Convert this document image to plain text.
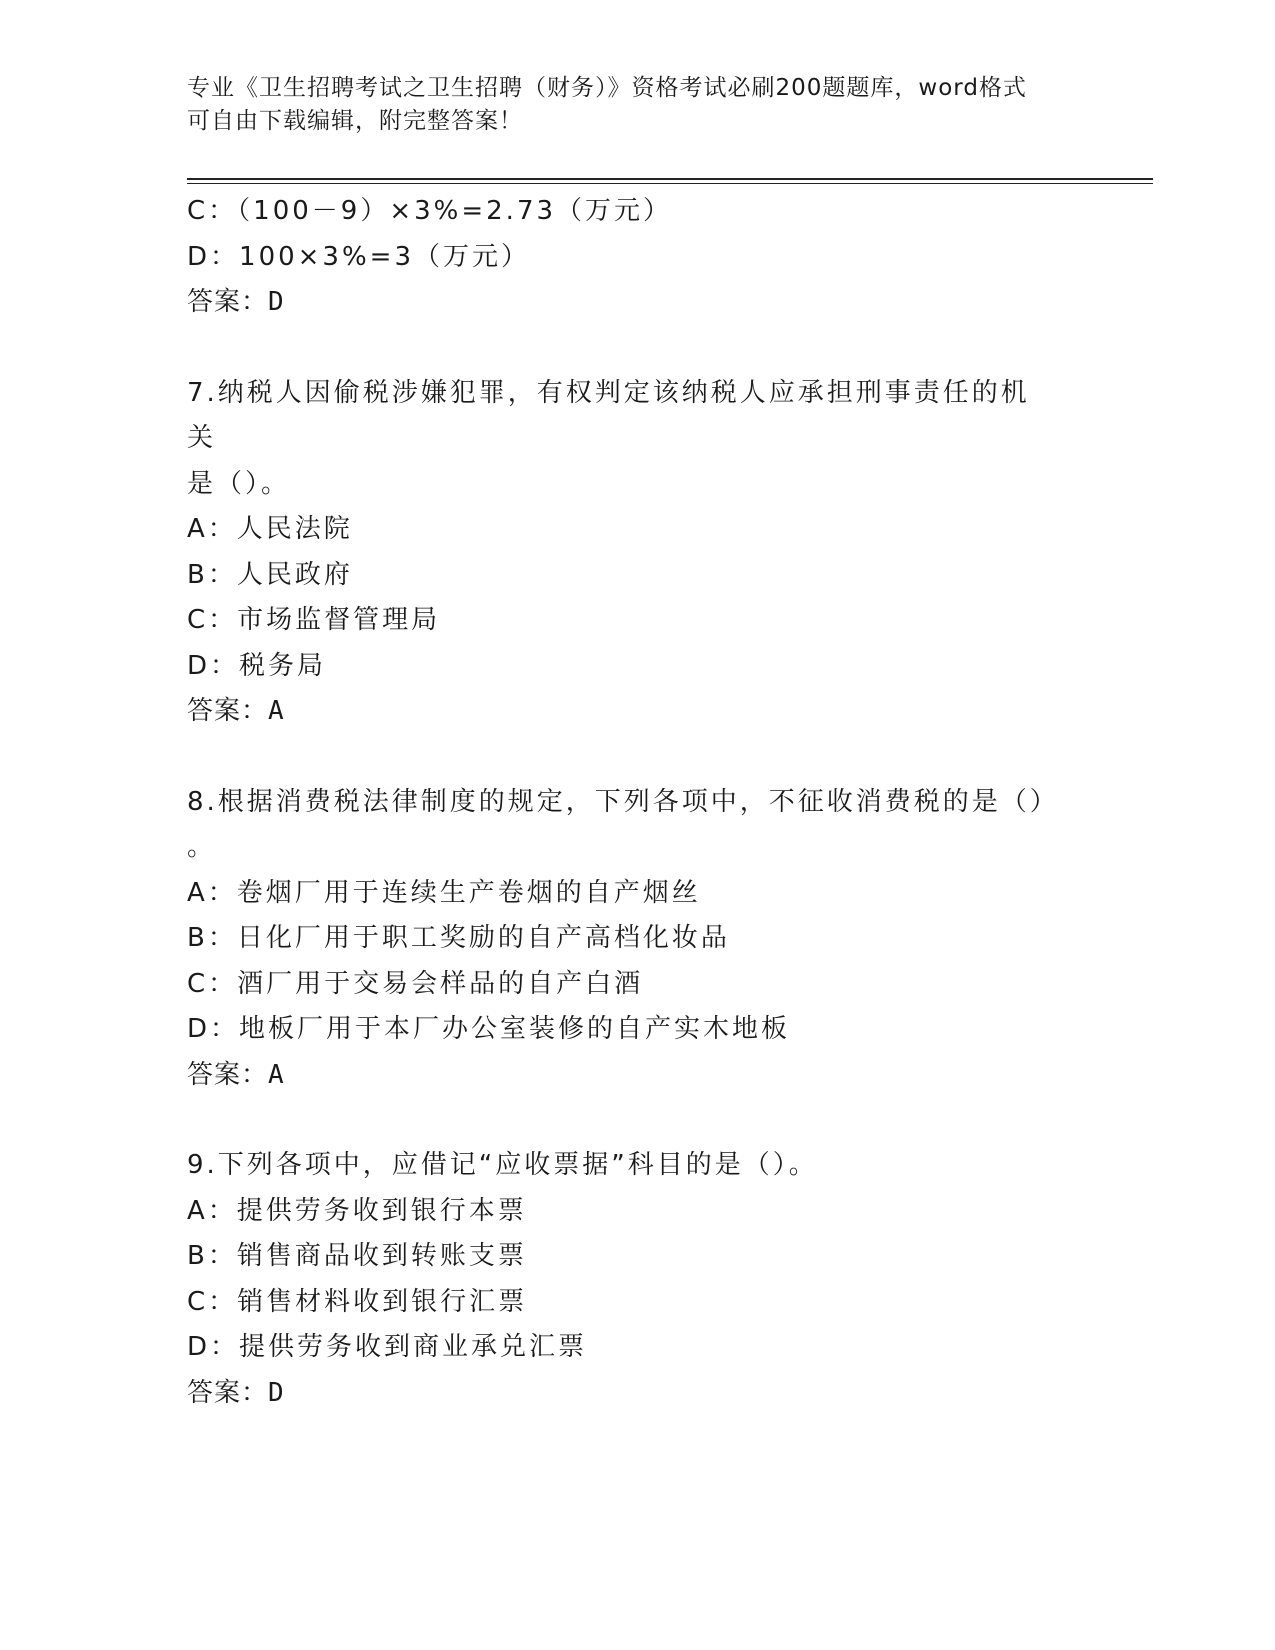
专业《卫生招聘考试之卫生招聘（财务）》资格考试必刷200题题库，word格式
可自由下载编辑，附完整答案！
C：（100－9）×3%=2.73（万元）
D：100×3%=3（万元）
答案：D
7.纳税人因偷税涉嫌犯罪，有权判定该纳税人应承担刑事责任的机关
是（）。
A：人民法院
B：人民政府
C：市场监督管理局
D：税务局
答案：A
8.根据消费税法律制度的规定，下列各项中，不征收消费税的是（）
。
A：卷烟厂用于连续生产卷烟的自产烟丝
B：日化厂用于职工奖励的自产高档化妆品
C：酒厂用于交易会样品的自产白酒
D：地板厂用于本厂办公室装修的自产实木地板
答案：A
9.下列各项中，应借记“应收票据”科目的是（）。
A：提供劳务收到银行本票
B：销售商品收到转账支票
C：销售材料收到银行汇票
D：提供劳务收到商业承兑汇票
答案：D
